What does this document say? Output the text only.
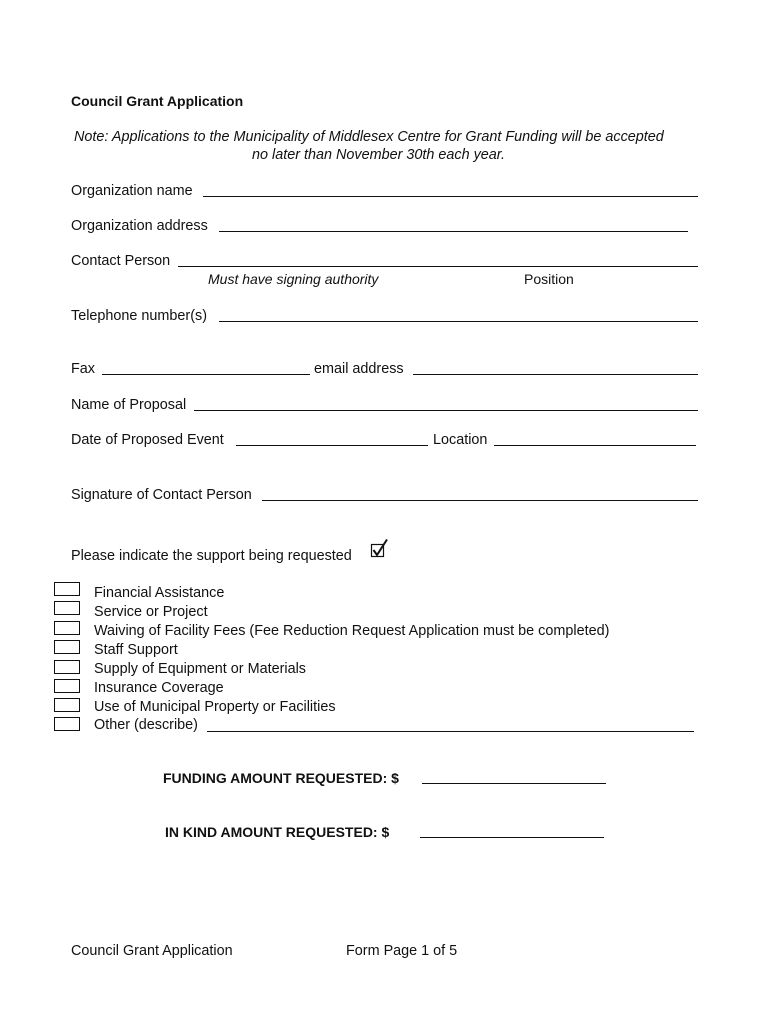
Council Grant Application
Note: Applications to the Municipality of Middlesex Centre for Grant Funding will be accepted
no later than November 30th each year.
Organization name
Organization address
Contact Person
Must have signing authority	Position
Telephone number(s)
Fax	email address
Name of Proposal
Date of Proposed Event	Location
Signature of Contact Person
Please indicate the support being requested
Financial Assistance
Service or Project
Waiving of Facility Fees (Fee Reduction Request Application must be completed)
Staff Support
Supply of Equipment or Materials
Insurance Coverage
Use of Municipal Property or Facilities
Other (describe)
FUNDING AMOUNT REQUESTED: $
IN KIND AMOUNT REQUESTED: $
Council Grant Application	Form Page 1 of 5
